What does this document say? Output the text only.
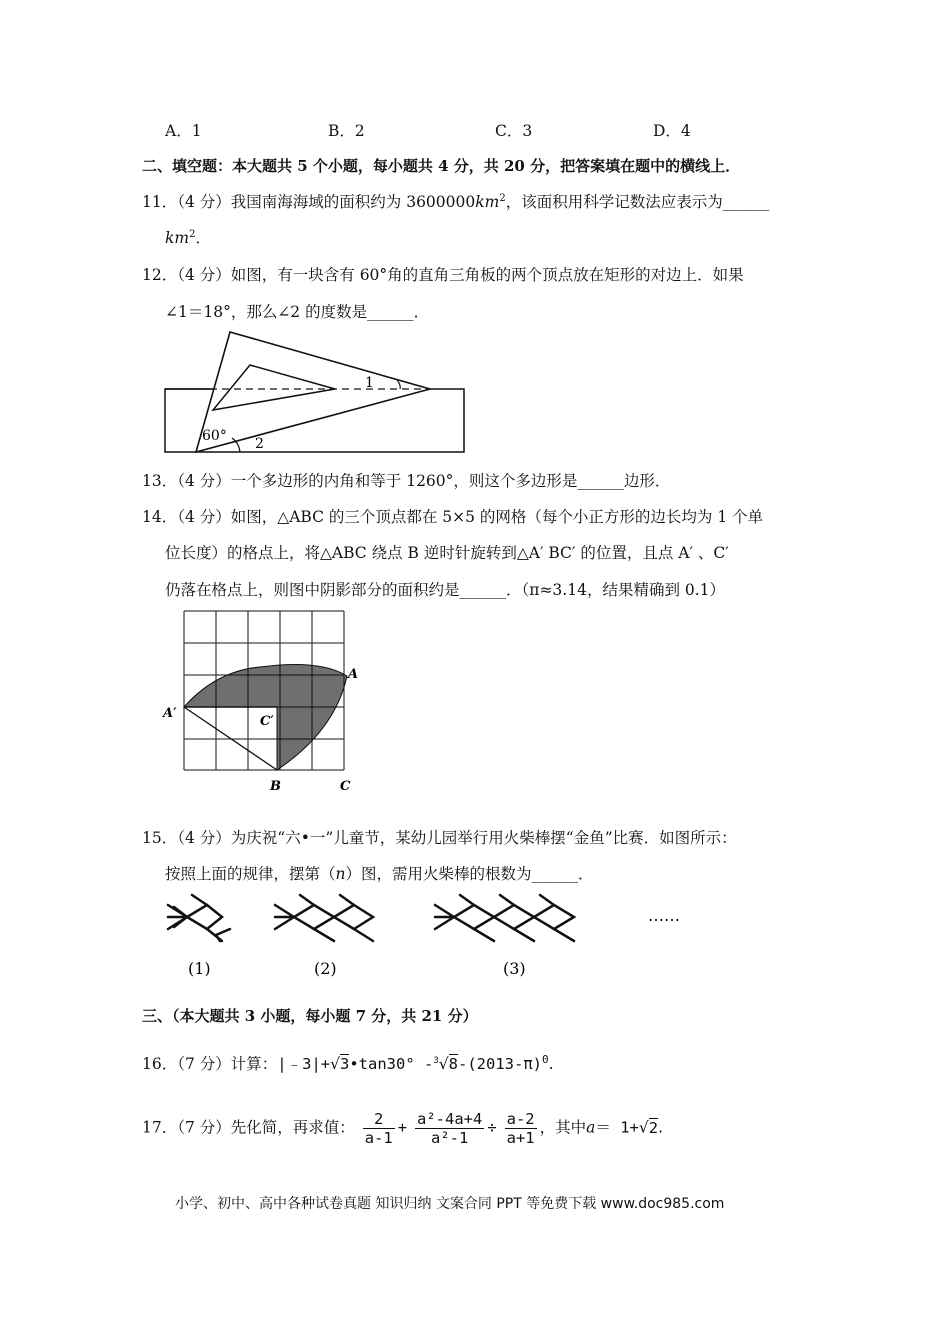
A．1	B．2	C．3	D．4
二、填空题：本大题共 5 个小题，每小题共 4 分，共 20 分，把答案填在题中的横线上．
11．（4 分）我国南海海域的面积约为 $3600000km^2$，该面积用科学记数法应表示为______
$km^2$．
12．（4 分）如图，有一块含有 60°角的直角三角板的两个顶点放在矩形的对边上．如果
∠1＝18°，那么∠2 的度数是______．
60°
1
2
13．（4 分）一个多边形的内角和等于 1260°，则这个多边形是______边形．
14．（4 分）如图，△ABC 的三个顶点都在 5×5 的网格（每个小正方形的边长均为 1 个单
位长度）的格点上，将△ABC 绕点 B 逆时针旋转到△A′ BC′ 的位置，且点 A′ 、C′
仍落在格点上，则图中阴影部分的面积约是______．（π≈3.14，结果精确到 0.1）
A
A′
C′
B	C
15．（4 分）为庆祝“六•一”儿童节，某幼儿园举行用火柴棒摆“金鱼”比赛．如图所示：
按照上面的规律，摆第（n）图，需用火柴棒的根数为______．
(1)	(2)	(3)
……
三、（本大题共 3 小题，每小题 7 分，共 21 分）
16．（7 分）计算：|﹣3|+√3•tan30° $-^3√8-(2013-\pi)^0$.
17．（7 分）先化简，再求值： $\frac{2}{a-1} + \frac{\text{a²-4a+4}}{\text{a²-1}} \div \frac{a-2}{a+1}$ ，其中a＝ 1+√2.
小学、初中、高中各种试卷真题 知识归纳 文案合同 PPT 等免费下载 www.doc985.com
